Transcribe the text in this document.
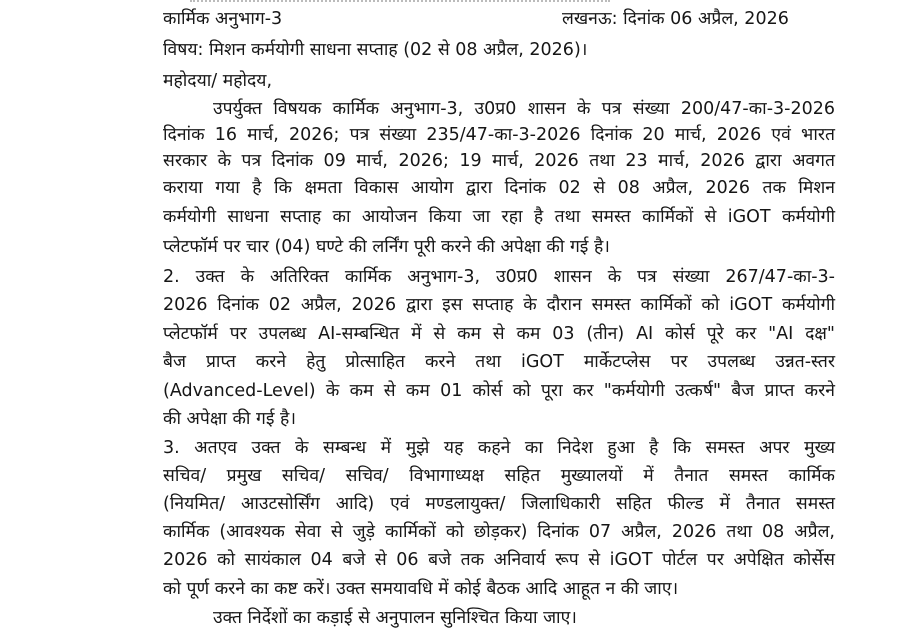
कार्मिक अनुभाग-3	लखनऊ: दिनांक 06 अप्रैल, 2026
विषय: मिशन कर्मयोगी साधना सप्ताह (02 से 08 अप्रैल, 2026)।
महोदया/ महोदय,
उपर्युक्त विषयक कार्मिक अनुभाग-3, उ0प्र0 शासन के पत्र संख्या 200/47-का-3-2026
दिनांक 16 मार्च, 2026; पत्र संख्या 235/47-का-3-2026 दिनांक 20 मार्च, 2026 एवं भारत
सरकार के पत्र दिनांक 09 मार्च, 2026; 19 मार्च, 2026 तथा 23 मार्च, 2026 द्वारा अवगत
कराया गया है कि क्षमता विकास आयोग द्वारा दिनांक 02 से 08 अप्रैल, 2026 तक मिशन
कर्मयोगी साधना सप्ताह का आयोजन किया जा रहा है तथा समस्त कार्मिकों से iGOT कर्मयोगी
प्लेटफॉर्म पर चार (04) घण्टे की लर्निंग पूरी करने की अपेक्षा की गई है।
2. उक्त के अतिरिक्त कार्मिक अनुभाग-3, उ0प्र0 शासन के पत्र संख्या 267/47-का-3-
2026 दिनांक 02 अप्रैल, 2026 द्वारा इस सप्ताह के दौरान समस्त कार्मिकों को iGOT कर्मयोगी
प्लेटफॉर्म पर उपलब्ध AI-सम्बन्धित में से कम से कम 03 (तीन) AI कोर्स पूरे कर "AI दक्ष"
बैज प्राप्त करने हेतु प्रोत्साहित करने तथा iGOT मार्केटप्लेस पर उपलब्ध उन्नत-स्तर
(Advanced-Level) के कम से कम 01 कोर्स को पूरा कर "कर्मयोगी उत्कर्ष" बैज प्राप्त करने
की अपेक्षा की गई है।
3. अतएव उक्त के सम्बन्ध में मुझे यह कहने का निदेश हुआ है कि समस्त अपर मुख्य
सचिव/ प्रमुख सचिव/ सचिव/ विभागाध्यक्ष सहित मुख्यालयों में तैनात समस्त कार्मिक
(नियमित/ आउटसोर्सिंग आदि) एवं मण्डलायुक्त/ जिलाधिकारी सहित फील्ड में तैनात समस्त
कार्मिक (आवश्यक सेवा से जुड़े कार्मिकों को छोड़कर) दिनांक 07 अप्रैल, 2026 तथा 08 अप्रैल,
2026 को सायंकाल 04 बजे से 06 बजे तक अनिवार्य रूप से iGOT पोर्टल पर अपेक्षित कोर्सेस
को पूर्ण करने का कष्ट करें। उक्त समयावधि में कोई बैठक आदि आहूत न की जाए।
उक्त निर्देशों का कड़ाई से अनुपालन सुनिश्चित किया जाए।
